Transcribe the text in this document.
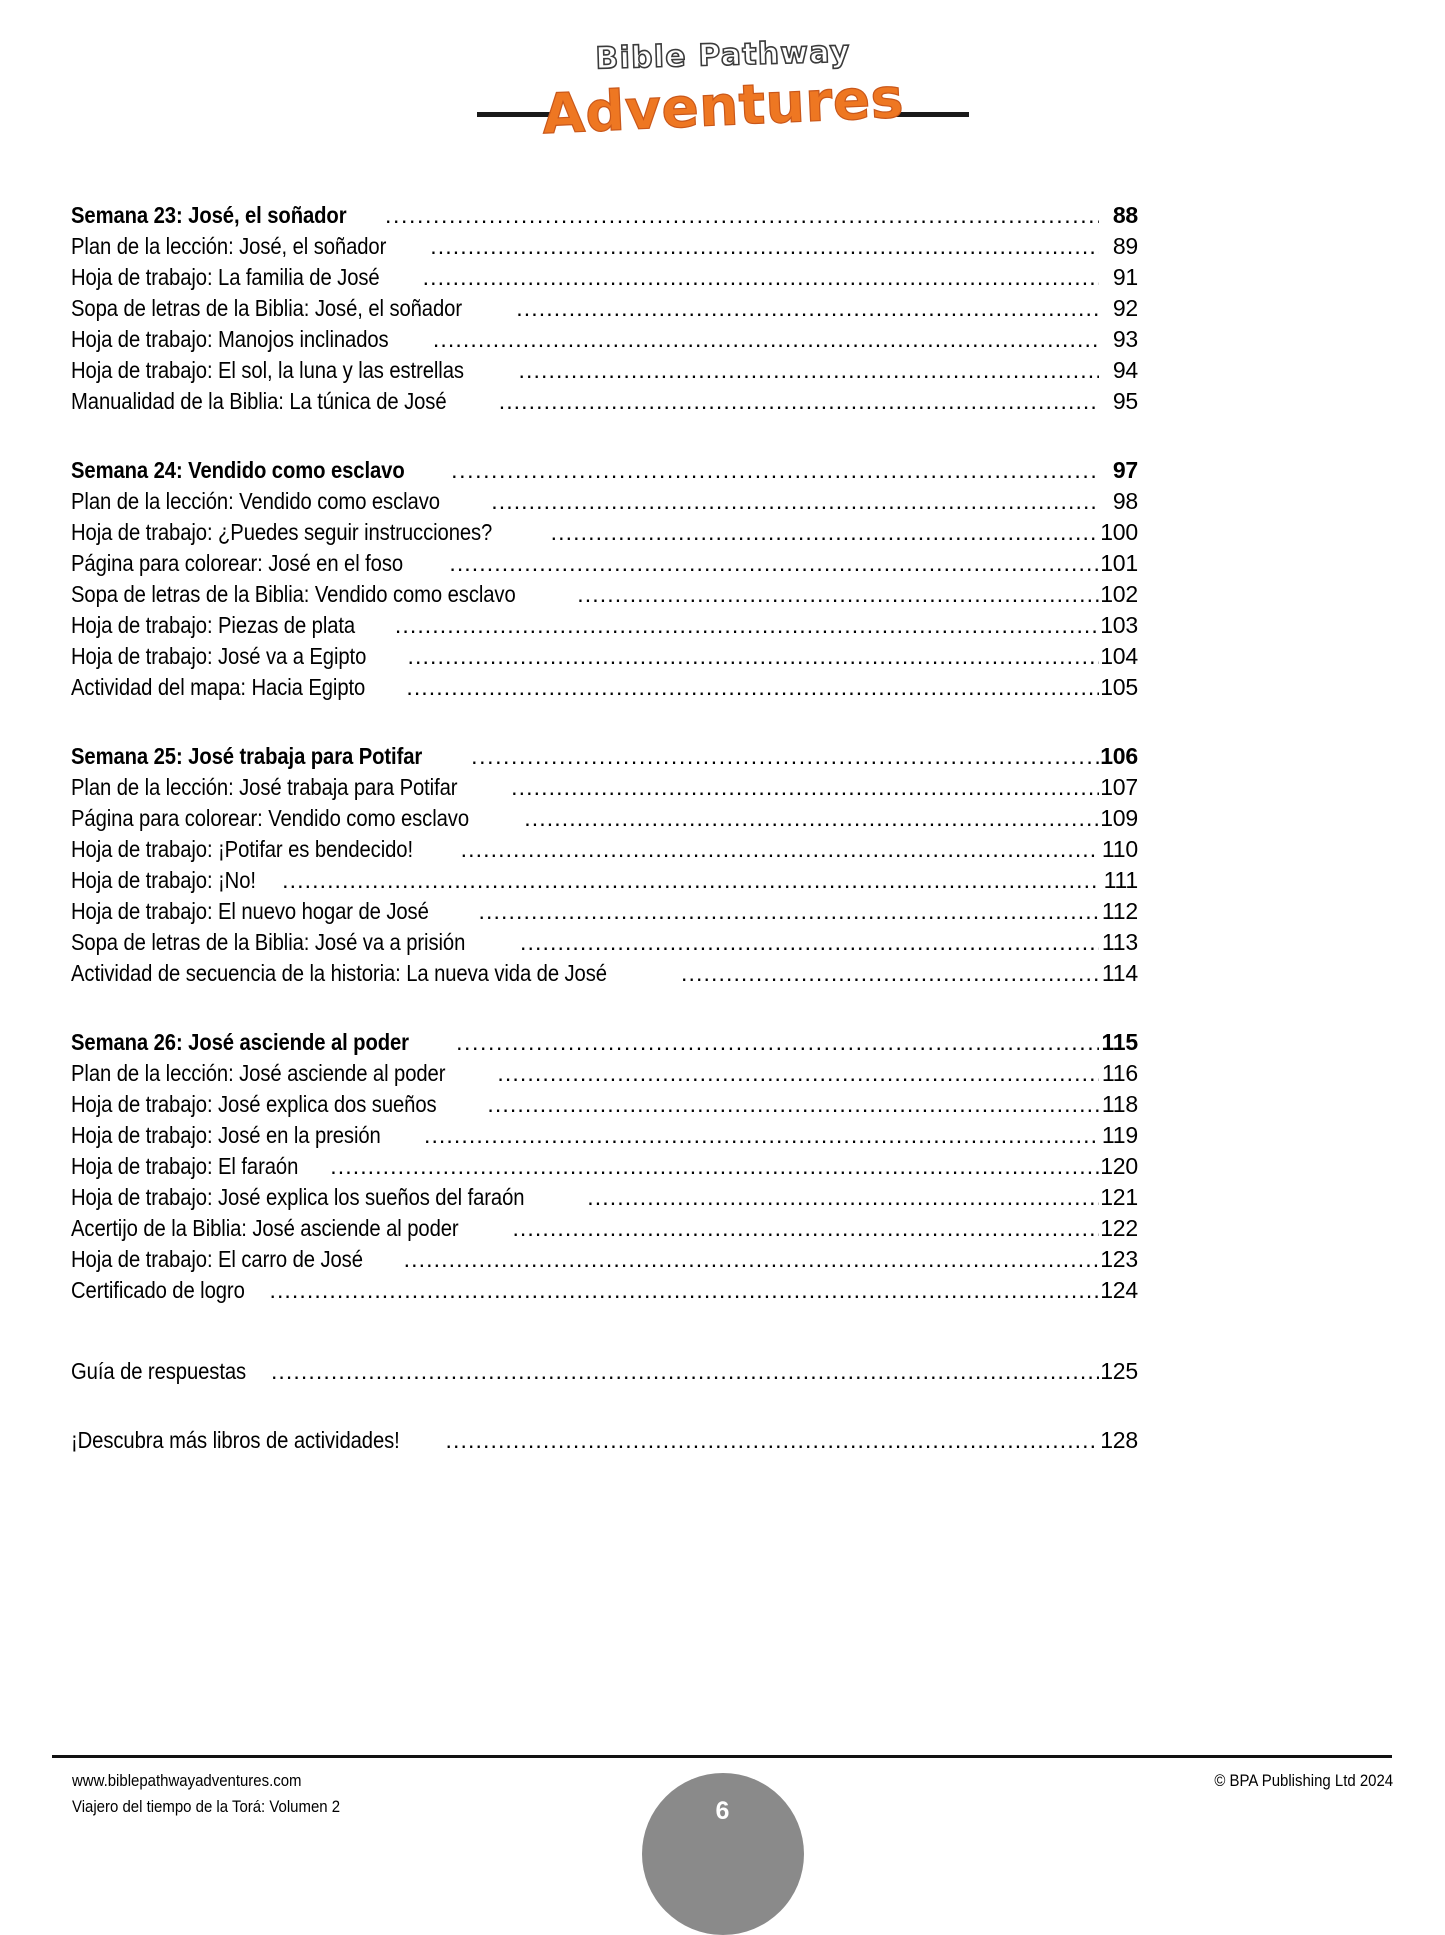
Bible Pathway
Adventures
Semana 23: José, el soñador .....	88
Plan de la lección: José, el soñador .....	89
Hoja de trabajo: La familia de José .....	91
Sopa de letras de la Biblia: José, el soñador .....	92
Hoja de trabajo: Manojos inclinados .....	93
Hoja de trabajo: El sol, la luna y las estrellas .....	94
Manualidad de la Biblia: La túnica de José .....	95
Semana 24: Vendido como esclavo .....	97
Plan de la lección: Vendido como esclavo .....	98
Hoja de trabajo: ¿Puedes seguir instrucciones? .....	100
Página para colorear: José en el foso .....	101
Sopa de letras de la Biblia: Vendido como esclavo .....	102
Hoja de trabajo: Piezas de plata .....	103
Hoja de trabajo: José va a Egipto .....	104
Actividad del mapa: Hacia Egipto .....	105
Semana 25: José trabaja para Potifar .....	106
Plan de la lección: José trabaja para Potifar .....	107
Página para colorear: Vendido como esclavo .....	109
Hoja de trabajo: ¡Potifar es bendecido! .....	110
Hoja de trabajo: ¡No! .....	111
Hoja de trabajo: El nuevo hogar de José .....	112
Sopa de letras de la Biblia: José va a prisión .....	113
Actividad de secuencia de la historia: La nueva vida de José .....	114
Semana 26: José asciende al poder .....	115
Plan de la lección: José asciende al poder .....	116
Hoja de trabajo: José explica dos sueños .....	118
Hoja de trabajo: José en la presión .....	119
Hoja de trabajo: El faraón .....	120
Hoja de trabajo: José explica los sueños del faraón .....	121
Acertijo de la Biblia: José asciende al poder .....	122
Hoja de trabajo: El carro de José .....	123
Certificado de logro .....	124
Guía de respuestas .....	125
¡Descubra más libros de actividades! .....	128
www.biblepathwayadventures.com
Viajero del tiempo de la Torá: Volumen 2	6
© BPA Publishing Ltd 2024
